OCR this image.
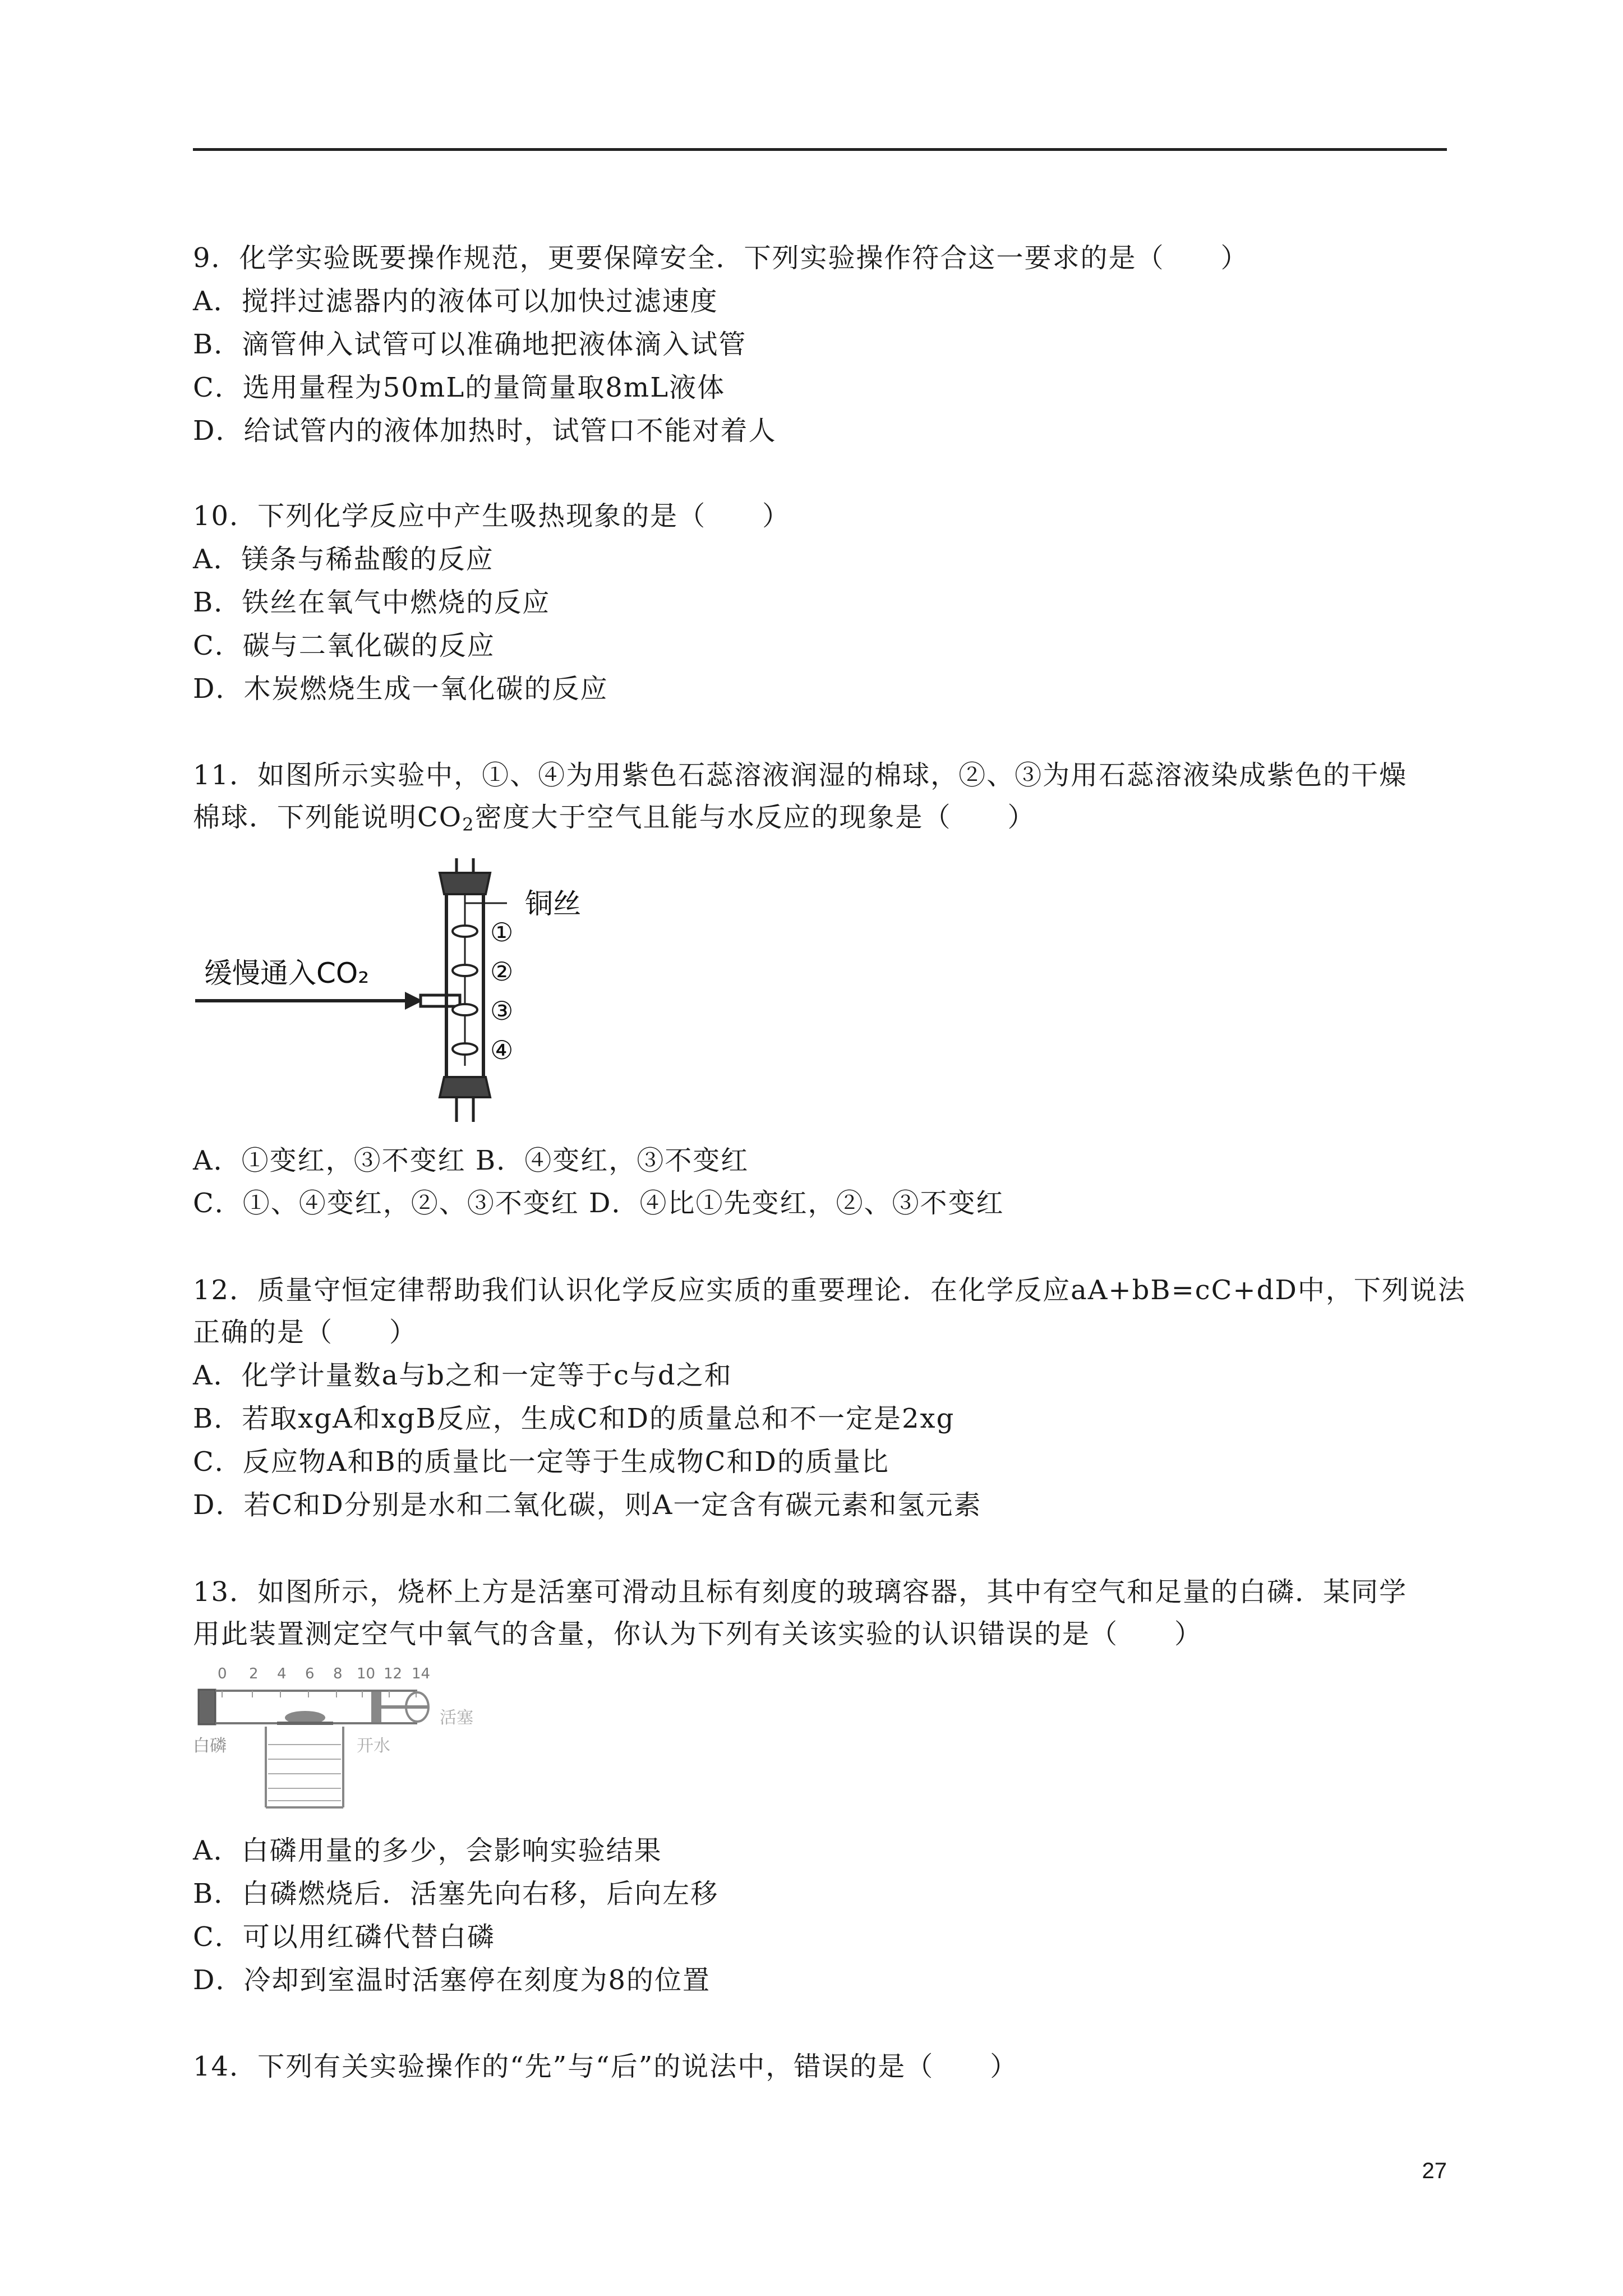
9．化学实验既要操作规范，更要保障安全．下列实验操作符合这一要求的是（　　）
A．搅拌过滤器内的液体可以加快过滤速度
B．滴管伸入试管可以准确地把液体滴入试管
C．选用量程为50mL的量筒量取8mL液体
D．给试管内的液体加热时，试管口不能对着人
10．下列化学反应中产生吸热现象的是（　　）
A．镁条与稀盐酸的反应
B．铁丝在氧气中燃烧的反应
C．碳与二氧化碳的反应
D．木炭燃烧生成一氧化碳的反应
11．如图所示实验中，①、④为用紫色石蕊溶液润湿的棉球，②、③为用石蕊溶液染成紫色的干燥
棉球．下列能说明$CO_2$密度大于空气且能与水反应的现象是（　　）
缓慢通入CO₂
铜丝
①
②
③
④
A．①变红，③不变红 B．④变红，③不变红
C．①、④变红，②、③不变红 D．④比①先变红，②、③不变红
12．质量守恒定律帮助我们认识化学反应实质的重要理论．在化学反应aA+bB=cC+dD中，下列说法
正确的是（　　）
A．化学计量数a与b之和一定等于c与d之和
B．若取xgA和xgB反应，生成C和D的质量总和不一定是2xg
C．反应物A和B的质量比一定等于生成物C和D的质量比
D．若C和D分别是水和二氧化碳，则A一定含有碳元素和氢元素
13．如图所示，烧杯上方是活塞可滑动且标有刻度的玻璃容器，其中有空气和足量的白磷．某同学
用此装置测定空气中氧气的含量，你认为下列有关该实验的认识错误的是（　　）
0 2 4 6 8 10 12 14
白磷	开水
活塞
A．白磷用量的多少，会影响实验结果
B．白磷燃烧后．活塞先向右移，后向左移
C．可以用红磷代替白磷
D．冷却到室温时活塞停在刻度为8的位置
14．下列有关实验操作的“先”与“后”的说法中，错误的是（　　）
27
